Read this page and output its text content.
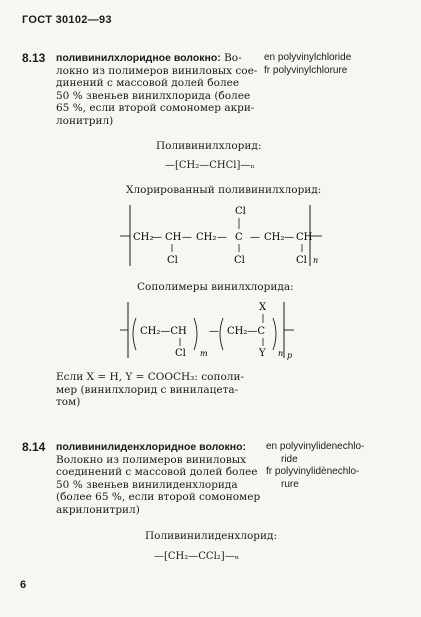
ГОСТ 30102—93
8.13 поливинилхлоридное волокно: Во-
локно из полимеров виниловых сое-
динений с массовой долей более
50 % звеньев винилхлорида (более
65 %, если второй сомономер акри-
лонитрил)
en polyvinylchloride
fr polyvinylchlorure
Поливинилхлорид:
—[CH₂—CHCl]—ₙ
Хлорированный поливинилхлорид:
CH₂
— CH — CH₂ — C — CH₂ — CH
Cl
Cl	Cl	Cl n
Сополимеры винилхлорида:
CH₂—CH
Cl m
— CH₂—C
X
Y n p
Если X = H, Y = COOCH₃: сополи-
мер (винилхлорид с винилацета-
том)
8.14 поливинилиденхлоридное волокно:
Волокно из полимеров виниловых
соединений с массовой долей более
50 % звеньев винилиденхлорида
(более 65 %, если второй сомономер
акрилонитрил)
en polyvinylidenechlo-
ride
fr polyvinylidènechlo-
rure
Поливинилиденхлорид:
—[CH₂—CCl₂]—ₙ
6
